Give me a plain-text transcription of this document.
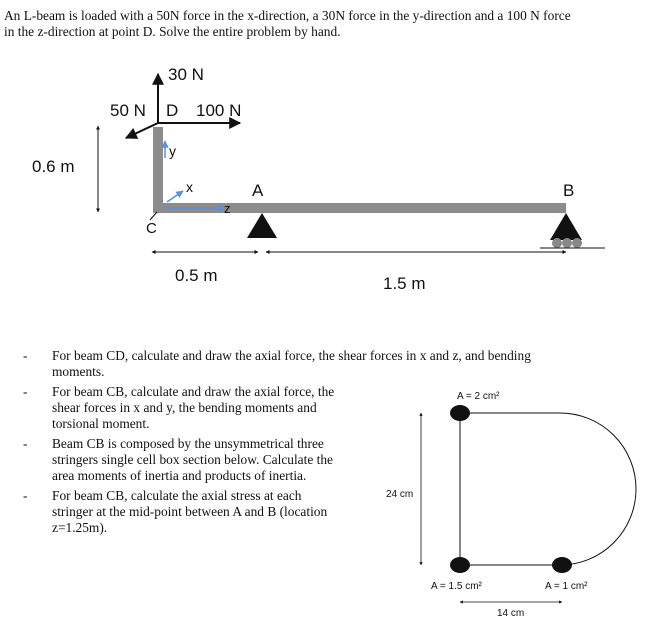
An L-beam is loaded with a 50N force in the x-direction, a 30N force in the y-direction and a 100 N force
in the z-direction at point D. Solve the entire problem by hand.
30 N
50 N D 100 N
y
x
z
0.6 m
C
A	B
0.5 m	1.5 m
A = 2 cm²
24 cm
A = 1.5 cm²	A = 1 cm²
14 cm
- For beam CD, calculate and draw the axial force, the shear forces in x and z, and bending
moments.
- For beam CB, calculate and draw the axial force, the
shear forces in x and y, the bending moments and
torsional moment.
- Beam CB is composed by the unsymmetrical three
stringers single cell box section below. Calculate the
area moments of inertia and products of inertia.
- For beam CB, calculate the axial stress at each
stringer at the mid-point between A and B (location
z=1.25m).
